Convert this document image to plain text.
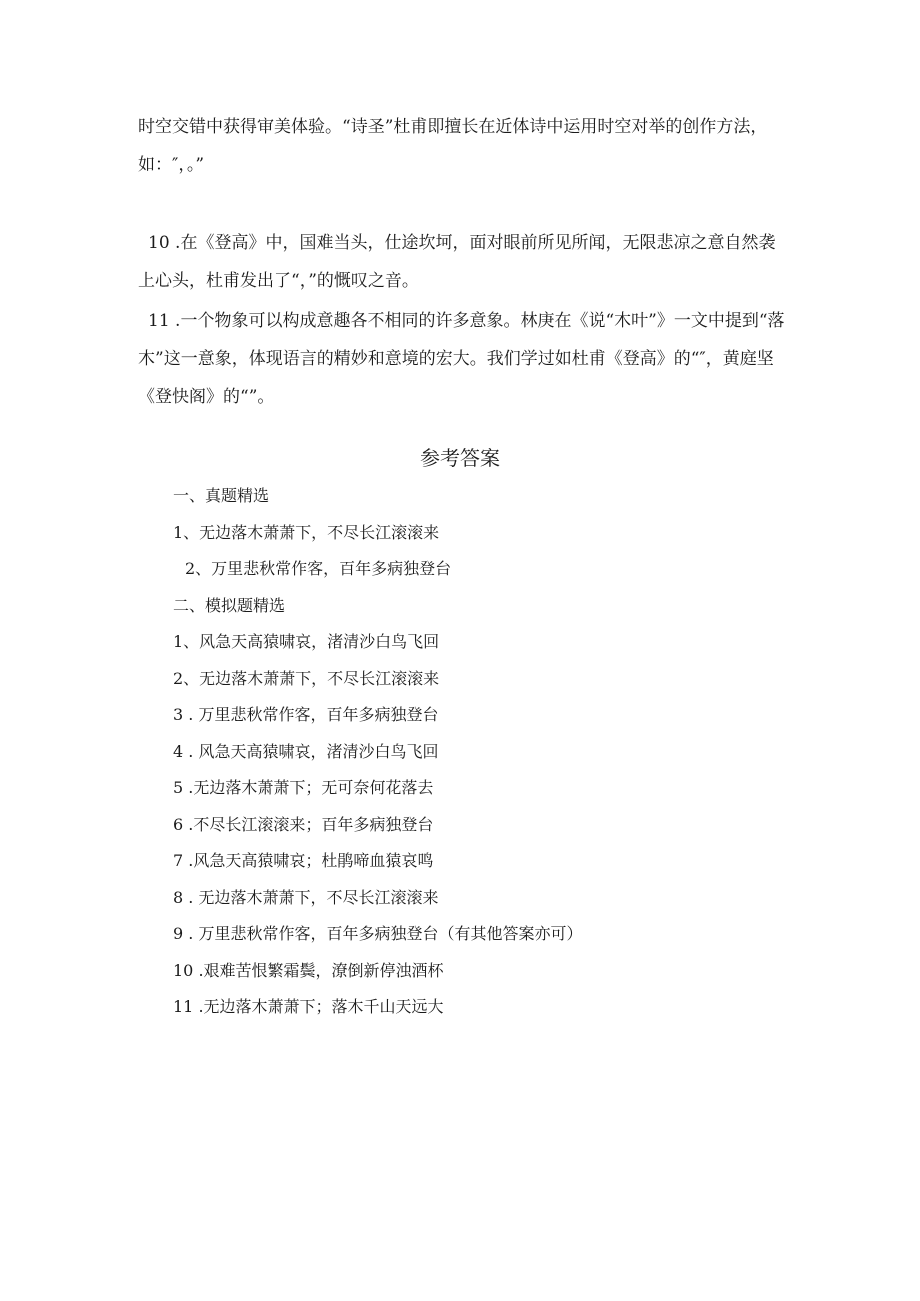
时空交错中获得审美体验。“诗圣”杜甫即擅长在近体诗中运用时空对举的创作方法，如：″，。”

10 .在《登高》中，国难当头，仕途坎坷，面对眼前所见所闻，无限悲凉之意自然袭上心头，杜甫发出了“，”的慨叹之音。

11 .一个物象可以构成意趣各不相同的许多意象。林庚在《说“木叶”》一文中提到“落木”这一意象，体现语言的精妙和意境的宏大。我们学过如杜甫《登高》的“″，黄庭坚《登快阁》的“”。

参考答案
一、真题精选
1、无边落木萧萧下，不尽长江滚滚来
2、万里悲秋常作客，百年多病独登台
二、模拟题精选
1、风急天高猿啸哀，渚清沙白鸟飞回
2、无边落木萧萧下，不尽长江滚滚来
3 . 万里悲秋常作客，百年多病独登台
4 . 风急天高猿啸哀，渚清沙白鸟飞回
5 .无边落木萧萧下；无可奈何花落去
6 .不尽长江滚滚来；百年多病独登台
7 .风急天高猿啸哀；杜鹃啼血猿哀鸣
8 . 无边落木萧萧下，不尽长江滚滚来
9 . 万里悲秋常作客，百年多病独登台（有其他答案亦可）
10 .艰难苦恨繁霜鬓，潦倒新停浊酒杯
11 .无边落木萧萧下；落木千山天远大
